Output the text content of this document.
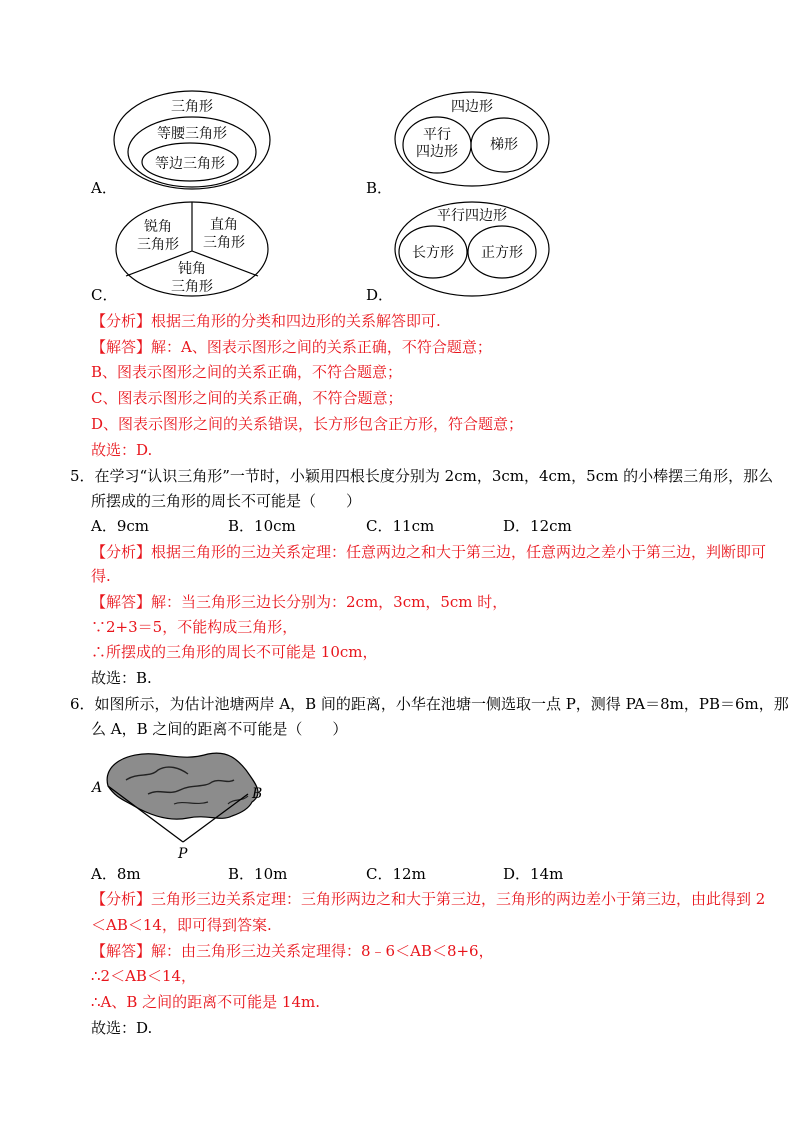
三角形
等腰三角形
等边三角形
A．
四边形
平行
四边形 梯形
B．
锐角
三角形
直角
三角形
钝角
三角形
C．
平行四边形
长方形 正方形
D．
【分析】根据三角形的分类和四边形的关系解答即可.
【解答】解：A、图表示图形之间的关系正确，不符合题意；
B、图表示图形之间的关系正确，不符合题意；
C、图表示图形之间的关系正确，不符合题意；
D、图表示图形之间的关系错误，长方形包含正方形，符合题意；
故选：D.
5．在学习“认识三角形”一节时，小颖用四根长度分别为 2cm，3cm，4cm，5cm 的小棒摆三角形，那么
所摆成的三角形的周长不可能是（　　）
A．9cm	B．10cm	C．11cm	D．12cm
【分析】根据三角形的三边关系定理：任意两边之和大于第三边，任意两边之差小于第三边，判断即可
得.
【解答】解：当三角形三边长分别为：2cm，3cm，5cm 时，
∵2+3＝5，不能构成三角形，
∴所摆成的三角形的周长不可能是 10cm，
故选：B.
6．如图所示，为估计池塘两岸 A，B 间的距离，小华在池塘一侧选取一点 P，测得 PA＝8m，PB＝6m，那
么 A，B 之间的距离不可能是（　　）
A	B
P
A．8m	B．10m	C．12m	D．14m
【分析】三角形三边关系定理：三角形两边之和大于第三边，三角形的两边差小于第三边，由此得到 2
＜AB＜14，即可得到答案.
【解答】解：由三角形三边关系定理得：8﹣6＜AB＜8+6，
∴2＜AB＜14，
∴A、B 之间的距离不可能是 14m.
故选：D.
